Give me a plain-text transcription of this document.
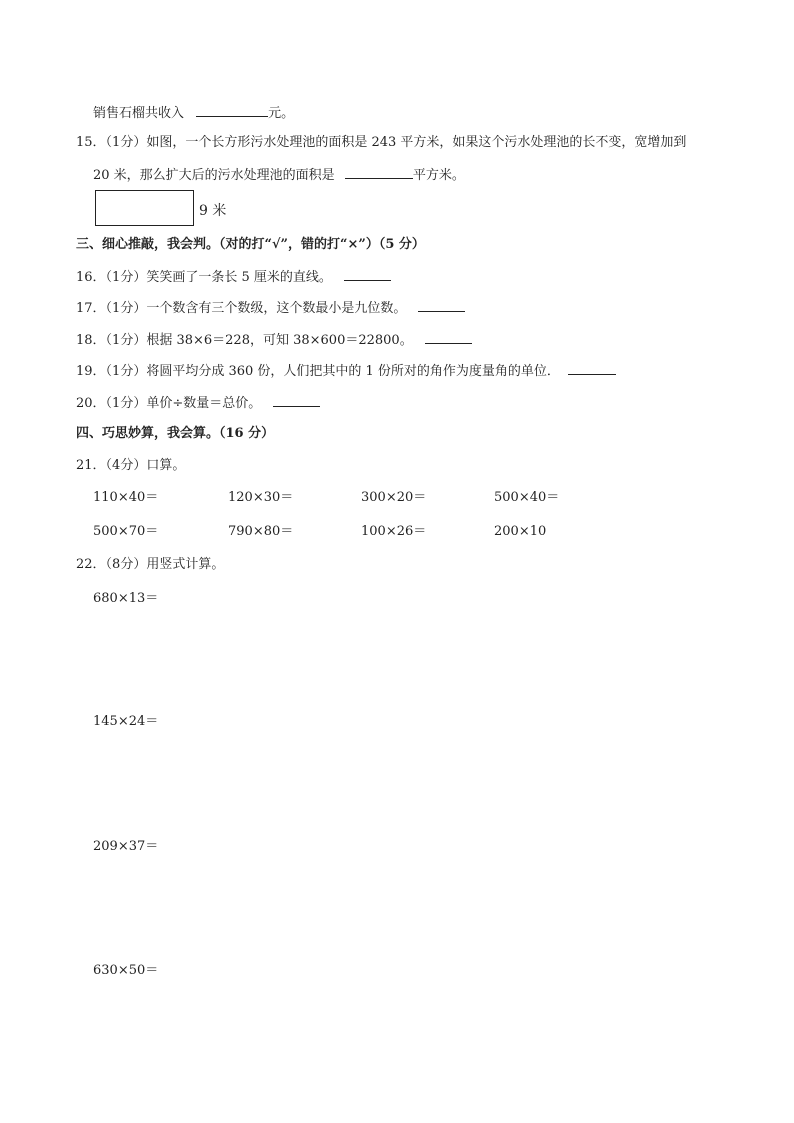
销售石榴共收入	元。
15．（1分）如图，一个长方形污水处理池的面积是 243 平方米，如果这个污水处理池的长不变，宽增加到
20 米，那么扩大后的污水处理池的面积是	平方米。
9 米
三、细心推敲，我会判。（对的打“√”，错的打“×”）（5 分）
16．（1分）笑笑画了一条长 5 厘米的直线。
17．（1分）一个数含有三个数级，这个数最小是九位数。
18．（1分）根据 38×6＝228，可知 38×600＝22800。
19．（1分）将圆平均分成 360 份，人们把其中的 1 份所对的角作为度量角的单位．
20．（1分）单价÷数量＝总价。
四、巧思妙算，我会算。（16 分）
21．（4分）口算。
110×40＝	120×30＝	300×20＝	500×40＝
500×70＝	790×80＝	100×26＝	200×10
22．（8分）用竖式计算。
680×13＝
145×24＝
209×37＝
630×50＝
